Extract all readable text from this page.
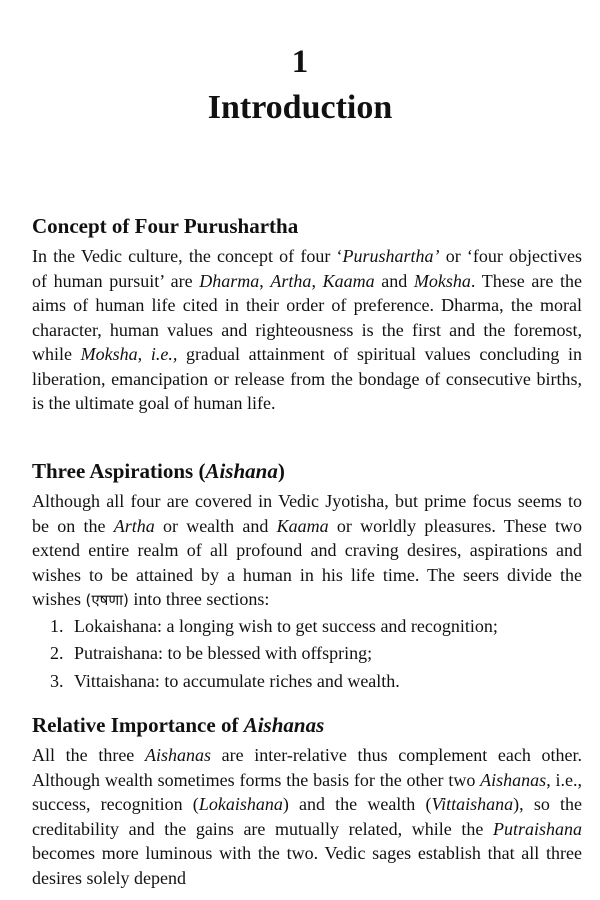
1
Introduction
Concept of Four Purushartha

In the Vedic culture, the concept of four ‘Purushartha’ or ‘four objectives of human pursuit’ are Dharma, Artha, Kaama and Moksha. These are the aims of human life cited in their order of preference. Dharma, the moral character, human values and righteousness is the first and the foremost, while Moksha, i.e., gradual attainment of spiritual values concluding in liberation, emancipation or release from the bondage of consecutive births, is the ultimate goal of human life.

Three Aspirations (Aishana)

Although all four are covered in Vedic Jyotisha, but prime focus seems to be on the Artha or wealth and Kaama or worldly pleasures. These two extend entire realm of all profound and craving desires, aspirations and wishes to be attained by a human in his life time. The seers divide the wishes (एषणा) into three sections:

1. Lokaishana: a longing wish to get success and recognition;
2. Putraishana: to be blessed with offspring;
3. Vittaishana: to accumulate riches and wealth.
Relative Importance of Aishanas

All the three Aishanas are inter-relative thus complement each other. Although wealth sometimes forms the basis for the other two Aishanas, i.e., success, recognition (Lokaishana) and the wealth (Vittaishana), so the creditability and the gains are mutually related, while the Putraishana becomes more luminous with the two. Vedic sages establish that all three desires solely depend
